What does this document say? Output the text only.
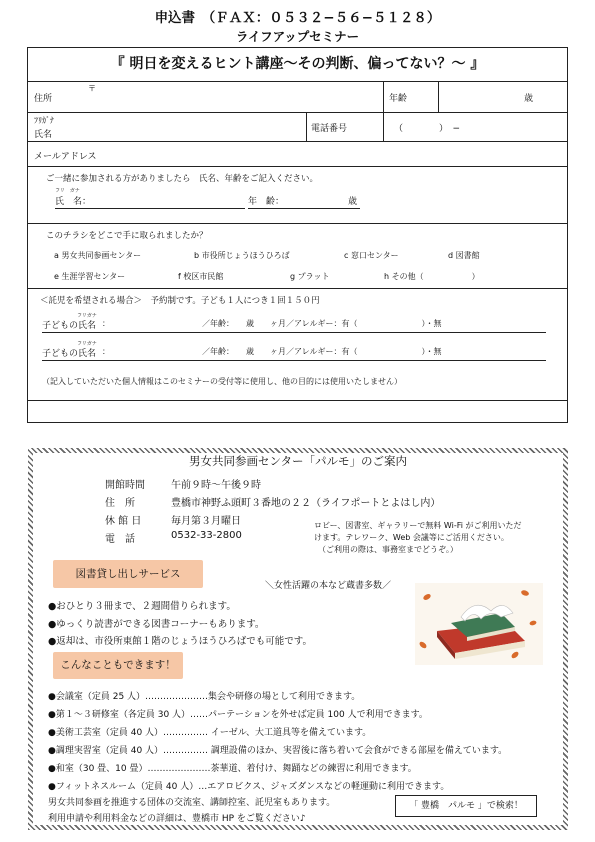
申込書　（ＦＡＸ：０５３２−５６−５１２８）
ライフアップセミナー
『 明日を変えるヒント講座〜その判断、偏ってない？〜 』
住所
〒
年齢	歳
ﾌﾘｶﾞﾅ
氏名
電話番号	（　　　　）　−
メールアドレス
ご一緒に参加される方がありましたら　氏名、年齢をご記入ください。
フリ　ガナ
氏　名：	年　齢：	歳
このチラシをどこで手に取られましたか？
a 男女共同参画センター	b 市役所じょうほうひろば	c 窓口センター	d 図書館
e 生涯学習センター	f 校区市民館	g プラット	h その他（　　　　　　）
＜託児を希望される場合＞　予約制です。子ども１人につき１回１５０円
フリガナ
子どもの氏名 ：　　　　　　　　　　　　／年齢：　　歳　　ヶ月／アレルギー：有（　　　　　　　　）・無
フリガナ
子どもの氏名 ：　　　　　　　　　　　　／年齢：　　歳　　ヶ月／アレルギー：有（　　　　　　　　）・無
（記入していただいた個人情報はこのセミナーの受付等に使用し、他の目的には使用いたしません）
男女共同参画センター「パルモ」のご案内
開館時間	午前９時〜午後９時
住　所	豊橋市神野ふ頭町３番地の２２（ライフポートとよはし内）
休 館 日	毎月第３月曜日
電　話	0532-33-2800
ロビー、図書室、ギャラリーで無料 Wi-Fi がご利用いただ
けます。テレワーク、Web 会議等にご活用ください。
（ご利用の際は、事務室までどうぞ。）
図書貸し出しサービス
＼女性活躍の本など蔵書多数／
●おひとり３冊まで、２週間借りられます。
●ゆっくり読書ができる図書コーナーもあります。
●返却は、市役所東館１階のじょうほうひろばでも可能です。
こんなこともできます！
●会議室（定員 25 人）…………………集会や研修の場として利用できます。
●第１〜３研修室（各定員 30 人）……パーテーションを外せば定員 100 人で利用できます。
●美術工芸室（定員 40 人）…………… イーゼル、大工道具等を備えています。
●調理実習室（定員 40 人）…………… 調理設備のほか、実習後に落ち着いて会食ができる部屋を備えています。
●和室（30 畳、10 畳）…………………茶華道、着付け、舞踊などの練習に利用できます。
●フィットネスルーム（定員 40 人）…エアロビクス、ジャズダンスなどの軽運動に利用できます。
男女共同参画を推進する団体の交流室、講師控室、託児室もあります。
利用申請や利用料金などの詳細は、豊橋市 HP をご覧ください♪
「 豊橋　パルモ 」で検索！
